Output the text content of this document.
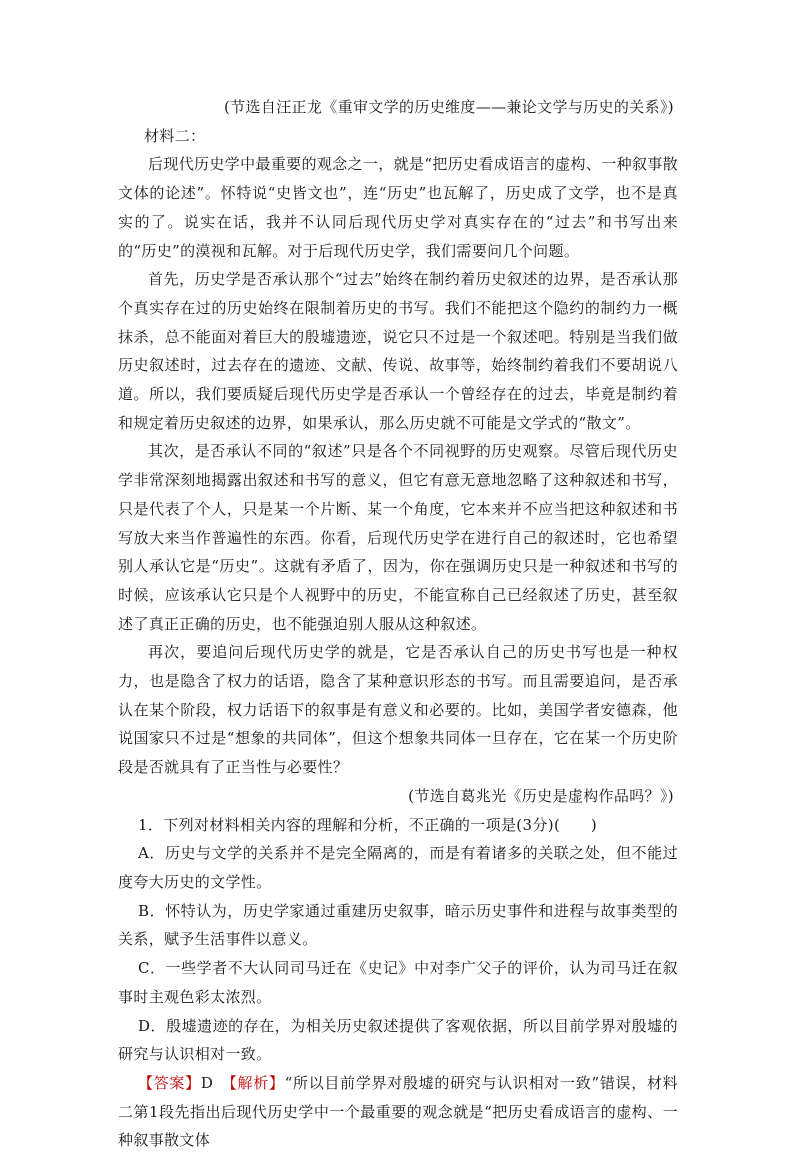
(节选自汪正龙《重审文学的历史维度——兼论文学与历史的关系》)

材料二：

后现代历史学中最重要的观念之一，就是“把历史看成语言的虚构、一种叙事散文体的论述”。怀特说“史皆文也”，连“历史”也瓦解了，历史成了文学，也不是真实的了。说实在话，我并不认同后现代历史学对真实存在的“过去”和书写出来的“历史”的漠视和瓦解。对于后现代历史学，我们需要问几个问题。

首先，历史学是否承认那个“过去”始终在制约着历史叙述的边界，是否承认那个真实存在过的历史始终在限制着历史的书写。我们不能把这个隐约的制约力一概抹杀，总不能面对着巨大的殷墟遗迹，说它只不过是一个叙述吧。特别是当我们做历史叙述时，过去存在的遗迹、文献、传说、故事等，始终制约着我们不要胡说八道。所以，我们要质疑后现代历史学是否承认一个曾经存在的过去，毕竟是制约着和规定着历史叙述的边界，如果承认，那么历史就不可能是文学式的“散文”。

其次，是否承认不同的“叙述”只是各个不同视野的历史观察。尽管后现代历史学非常深刻地揭露出叙述和书写的意义，但它有意无意地忽略了这种叙述和书写，只是代表了个人，只是某一个片断、某一个角度，它本来并不应当把这种叙述和书写放大来当作普遍性的东西。你看，后现代历史学在进行自己的叙述时，它也希望别人承认它是“历史”。这就有矛盾了，因为，你在强调历史只是一种叙述和书写的时候，应该承认它只是个人视野中的历史，不能宣称自己已经叙述了历史，甚至叙述了真正正确的历史，也不能强迫别人服从这种叙述。

再次，要追问后现代历史学的就是，它是否承认自己的历史书写也是一种权力，也是隐含了权力的话语，隐含了某种意识形态的书写。而且需要追问，是否承认在某个阶段，权力话语下的叙事是有意义和必要的。比如，美国学者安德森，他说国家只不过是“想象的共同体”，但这个想象共同体一旦存在，它在某一个历史阶段是否就具有了正当性与必要性？

(节选自葛兆光《历史是虚构作品吗？》)

1．下列对材料相关内容的理解和分析，不正确的一项是(3分)(　　)

A．历史与文学的关系并不是完全隔离的，而是有着诸多的关联之处，但不能过度夸大历史的文学性。

B．怀特认为，历史学家通过重建历史叙事，暗示历史事件和进程与故事类型的关系，赋予生活事件以意义。

C．一些学者不大认同司马迁在《史记》中对李广父子的评价，认为司马迁在叙事时主观色彩太浓烈。

D．殷墟遗迹的存在，为相关历史叙述提供了客观依据，所以目前学界对殷墟的研究与认识相对一致。

【答案】D　【解析】“所以目前学界对殷墟的研究与认识相对一致”错误，材料二第1段先指出后现代历史学中一个最重要的观念就是“把历史看成语言的虚构、一种叙事散文体
